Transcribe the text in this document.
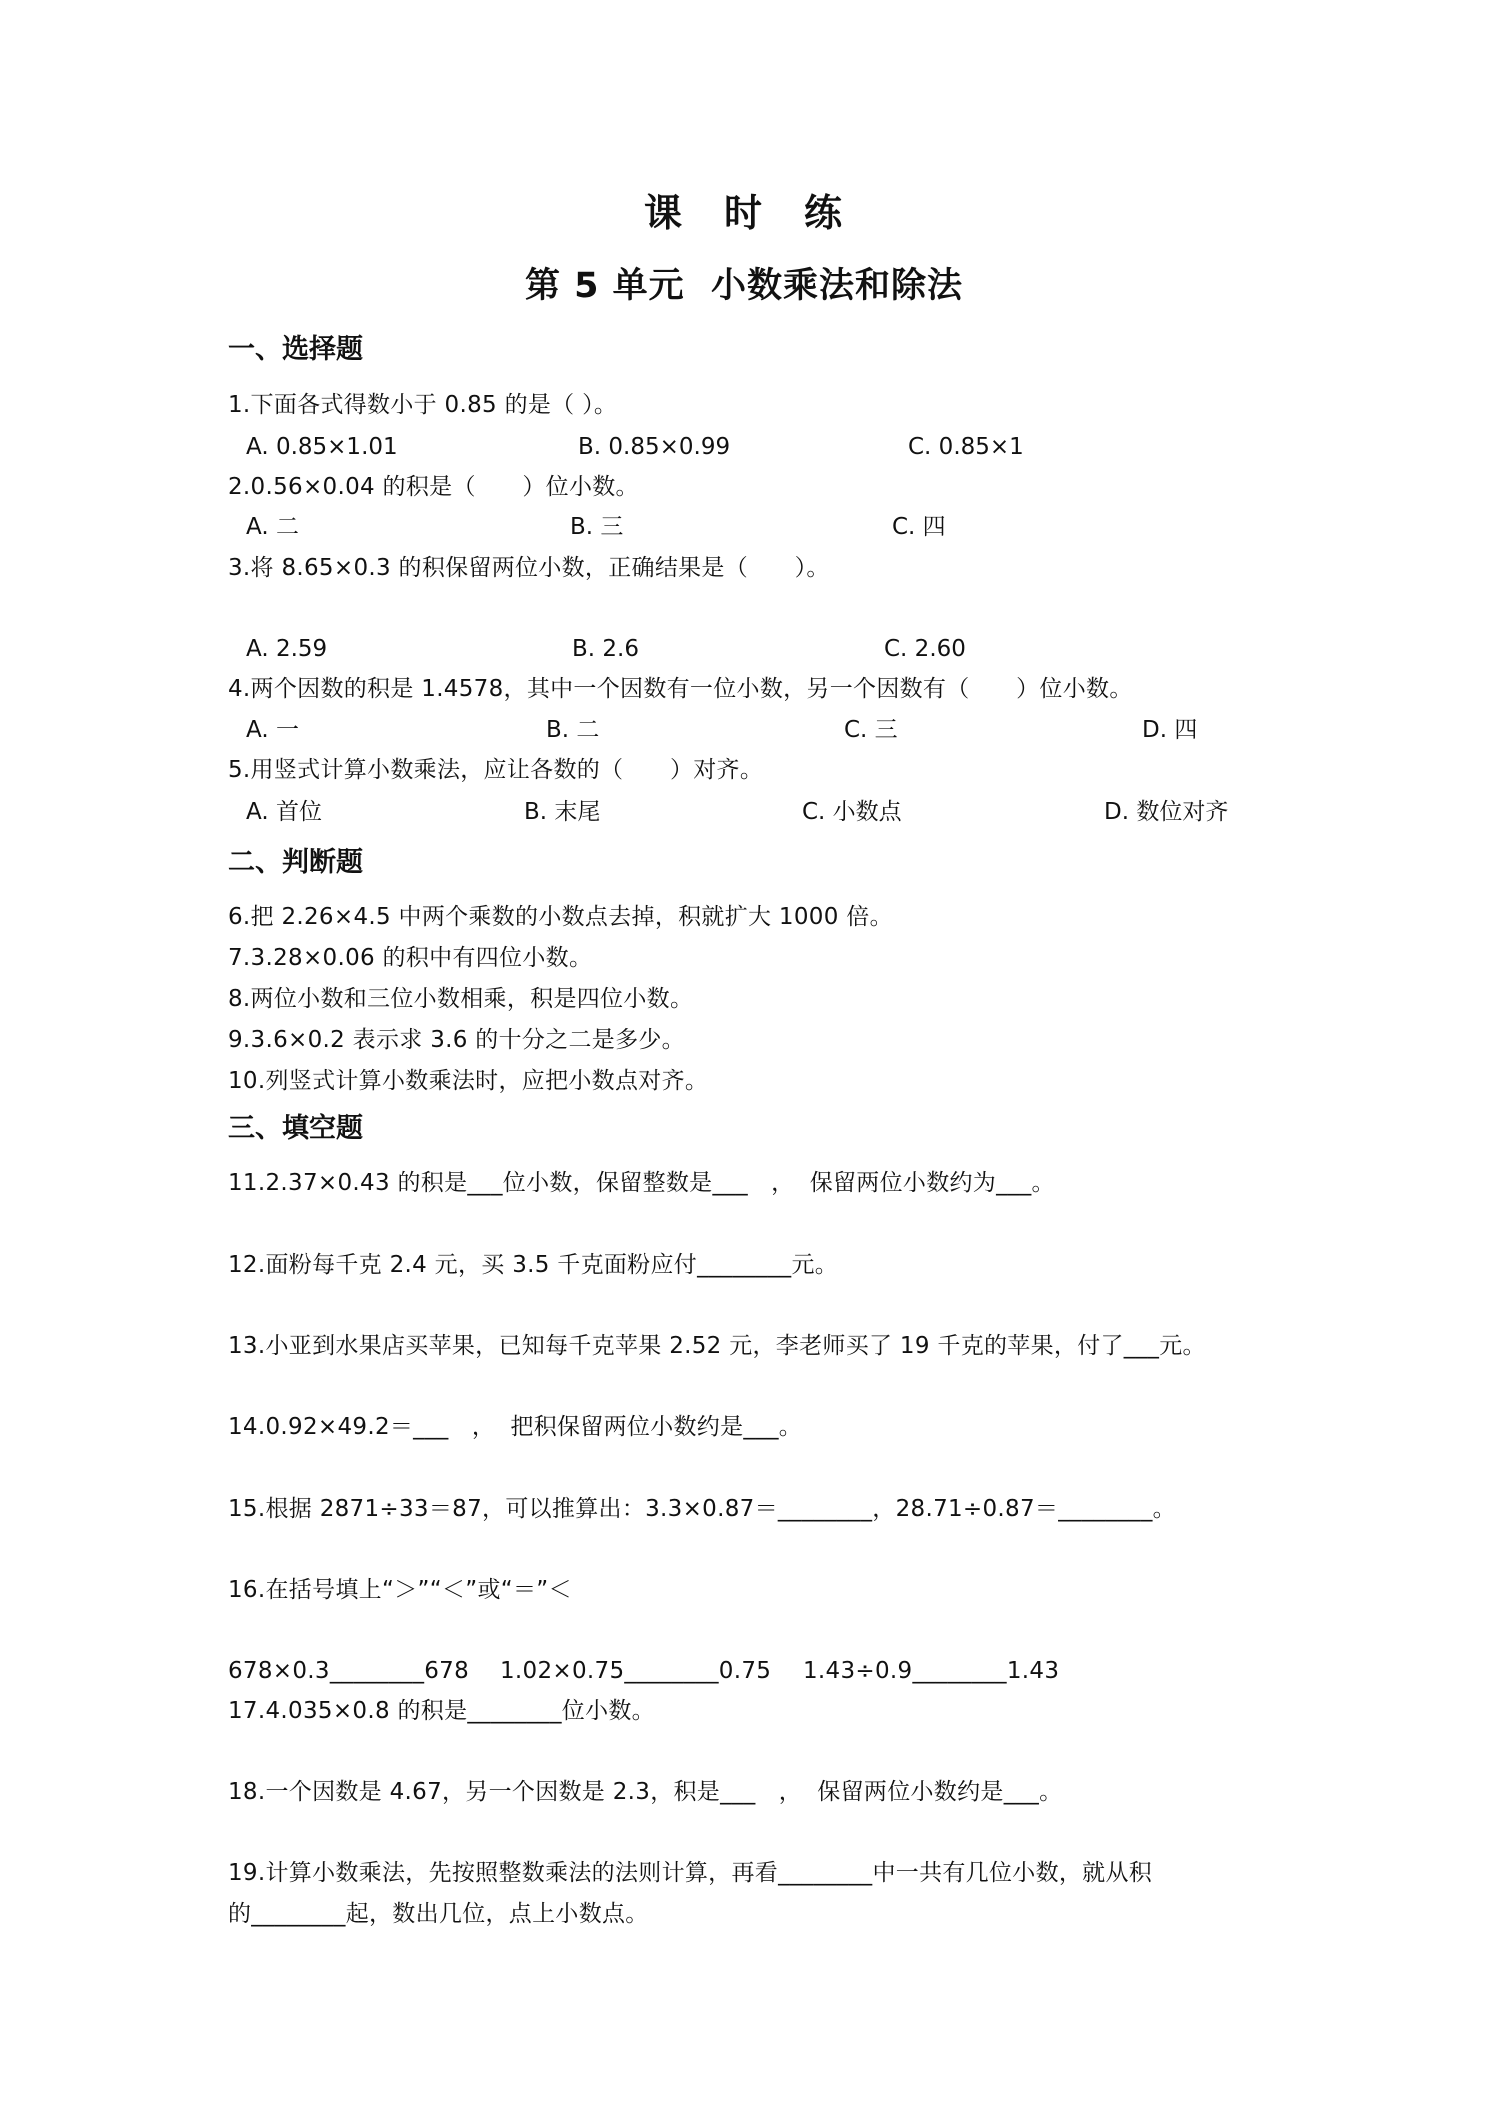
课　时　练
第 5 单元  小数乘法和除法
一、选择题
1.下面各式得数小于 0.85 的是（ ）。
A. 0.85×1.01	B. 0.85×0.99	C. 0.85×1
2.0.56×0.04 的积是（　　）位小数。
A. 二	B. 三	C. 四
3.将 8.65×0.3 的积保留两位小数，正确结果是（　　）。
A. 2.59	B. 2.6	C. 2.60
4.两个因数的积是 1.4578，其中一个因数有一位小数，另一个因数有（　　）位小数。
A. 一	B. 二	C. 三	D. 四
5.用竖式计算小数乘法，应让各数的（　　）对齐。
A. 首位	B. 末尾	C. 小数点	D. 数位对齐
二、判断题
6.把 2.26×4.5 中两个乘数的小数点去掉，积就扩大 1000 倍。
7.3.28×0.06 的积中有四位小数。
8.两位小数和三位小数相乘，积是四位小数。
9.3.6×0.2 表示求 3.6 的十分之二是多少。
10.列竖式计算小数乘法时，应把小数点对齐。
三、填空题
11.2.37×0.43 的积是___位小数，保留整数是___　，  保留两位小数约为___。
12.面粉每千克 2.4 元，买 3.5 千克面粉应付________元。
13.小亚到水果店买苹果，已知每千克苹果 2.52 元，李老师买了 19 千克的苹果，付了___元。
14.0.92×49.2＝___　，  把积保留两位小数约是___。
15.根据 2871÷33＝87，可以推算出：3.3×0.87＝________，28.71÷0.87＝________。
16.在括号填上“＞”“＜”或“＝”＜
678×0.3________678 1.02×0.75________0.75 1.43÷0.9________1.43
17.4.035×0.8 的积是________位小数。
18.一个因数是 4.67，另一个因数是 2.3，积是___　，  保留两位小数约是___。
19.计算小数乘法，先按照整数乘法的法则计算，再看________中一共有几位小数，就从积
的________起，数出几位，点上小数点。
